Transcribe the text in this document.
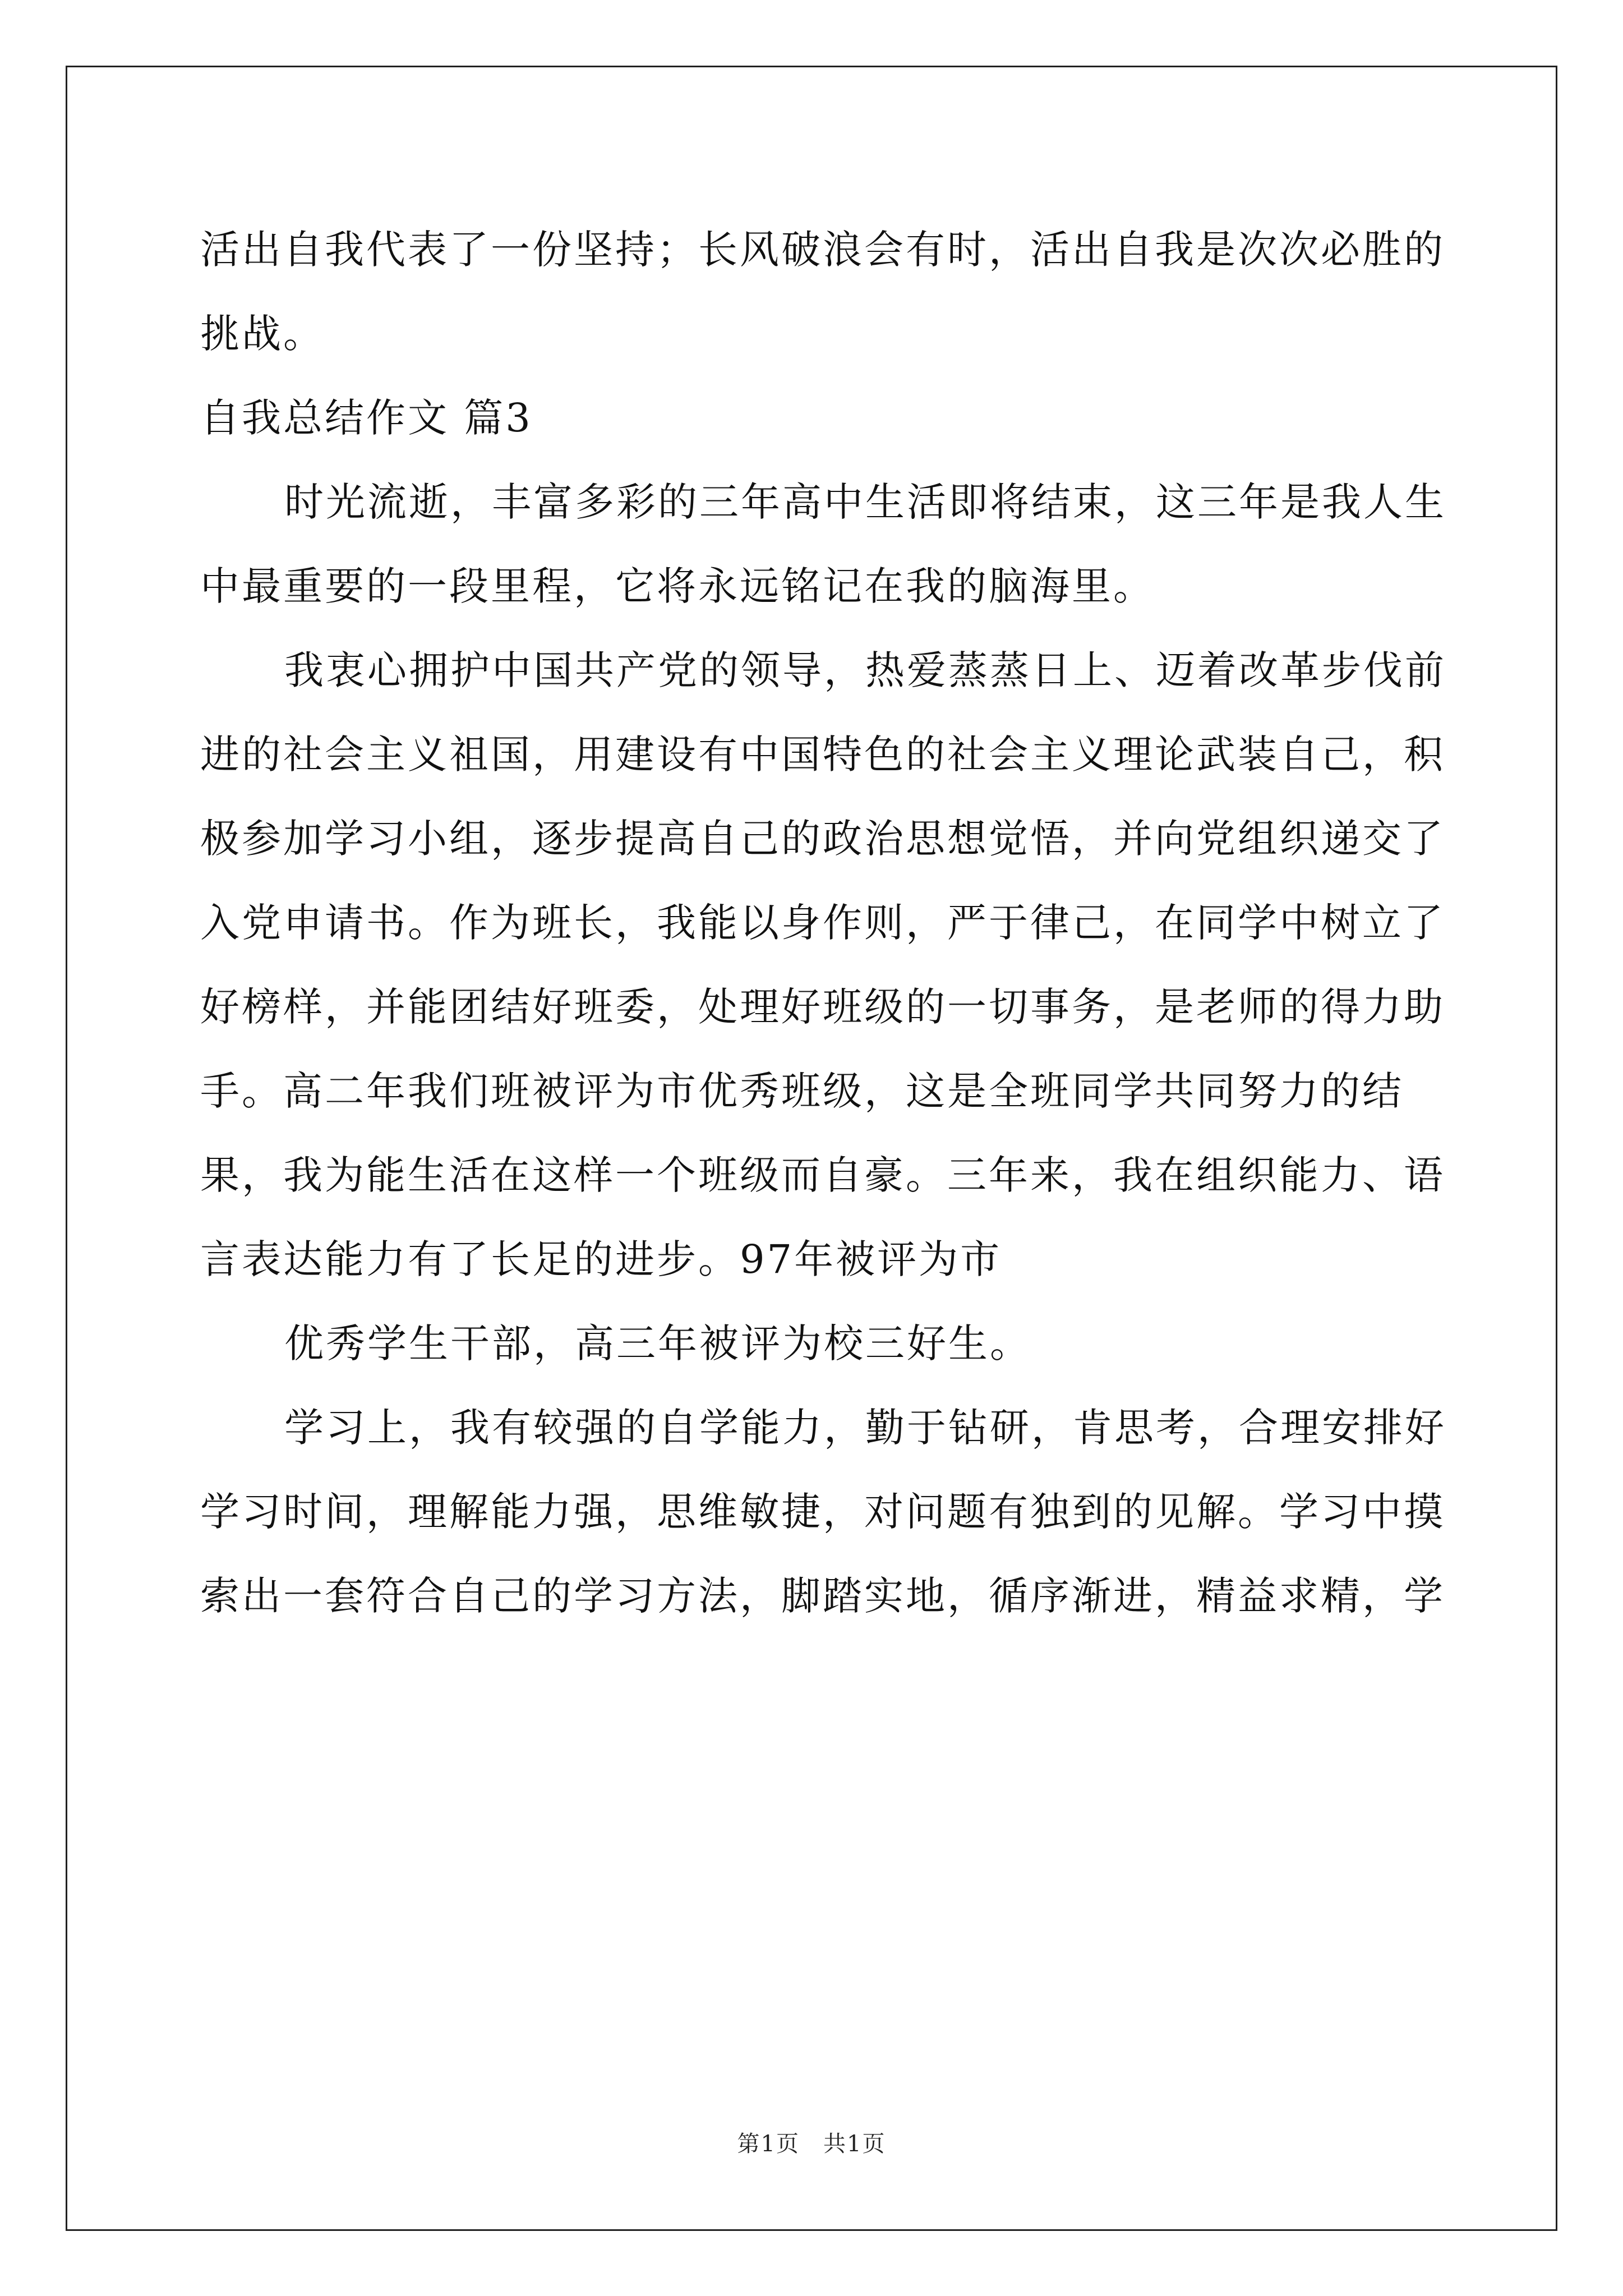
活出自我代表了一份坚持；长风破浪会有时，活出自我是次次必胜的挑战。

自我总结作文 篇3

时光流逝，丰富多彩的三年高中生活即将结束，这三年是我人生中最重要的一段里程，它将永远铭记在我的脑海里。

我衷心拥护中国共产党的领导，热爱蒸蒸日上、迈着改革步伐前进的社会主义祖国，用建设有中国特色的社会主义理论武装自己，积极参加学习小组，逐步提高自己的政治思想觉悟，并向党组织递交了入党申请书。作为班长，我能以身作则，严于律己，在同学中树立了好榜样，并能团结好班委，处理好班级的一切事务，是老师的得力助手。高二年我们班被评为市优秀班级，这是全班同学共同努力的结果，我为能生活在这样一个班级而自豪。三年来，我在组织能力、语言表达能力有了长足的进步。97年被评为市

优秀学生干部，高三年被评为校三好生。

学习上，我有较强的自学能力，勤于钻研，肯思考，合理安排好学习时间，理解能力强，思维敏捷，对问题有独到的见解。学习中摸索出一套符合自己的学习方法，脚踏实地，循序渐进，精益求精，学

第1页　共1页
